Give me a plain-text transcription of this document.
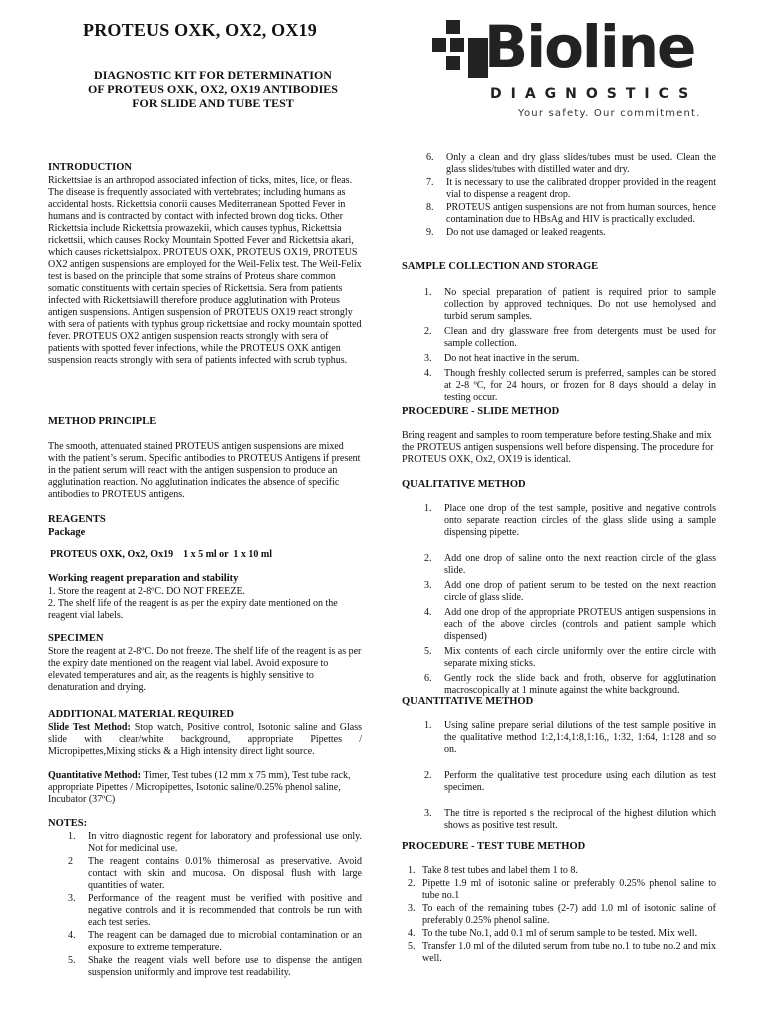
PROTEUS OXK, OX2, OX19
DIAGNOSTIC KIT FOR DETERMINATION
OF PROTEUS OXK, OX2, OX19 ANTIBODIES
FOR SLIDE AND TUBE TEST
Bioline
DIAGNOSTICS
Your safety. Our commitment.
INTRODUCTION

Rickettsiae is an arthropod associated infection of ticks, mites, lice, or fleas. The disease is frequently associated with vertebrates; including humans as accidental hosts. Rickettsia conorii causes Mediterranean Spotted Fever in humans and is contracted by contact with infected brown dog ticks. Other Rickettsia include Rickettsia prowazekii, which causes typhus, Rickettsia rickettsii, which causes Rocky Mountain Spotted Fever and Rickettsia akari, which causes rickettsialpox. PROTEUS OXK, PROTEUS OX19, PROTEUS OX2 antigen suspensions are employed for the Weil-Felix test. The Weil-Felix test is based on the principle that some strains of Proteus share common somatic constituents with certain species of Rickettsia. Sera from patients infected with Rickettsiawill therefore produce agglutination with Proteus antigen suspensions. Antigen suspension of PROTEUS OX19 react strongly with sera of patients with typhus group rickettsiae and rocky mountain spotted fever. PROTEUS OX2 antigen suspension reacts strongly with sera of patients with spotted fever infections, while the PROTEUS OXK antigen suspension reacts strongly with sera of patients infected with scrub typhus.

METHOD PRINCIPLE

The smooth, attenuated stained PROTEUS antigen suspensions are mixed with the patient’s serum. Specific antibodies to PROTEUS Antigens if present in the patient serum will react with the antigen suspension to produce an agglutination reaction. No agglutination indicates the absence of specific antibodies to PROTEUS antigens.

REAGENTS
Package
PROTEUS OXK, Ox2, Ox19    1 x 5 ml or  1 x 10 ml
Working reagent preparation and stability

1. Store the reagent at 2-8ºC. DO NOT FREEZE.

2. The shelf life of the reagent is as per the expiry date mentioned on the reagent vial labels.

SPECIMEN

Store the reagent at 2-8ºC. Do not freeze. The shelf life of the reagent is as per the expiry date mentioned on the reagent vial label. Avoid exposure to elevated temperatures and air, as the reagents is highly sensitive to denaturation and drying.

ADDITIONAL MATERIAL REQUIRED

Slide Test Method: Stop watch, Positive control, Isotonic saline and Glass slide with clear/white background, appropriate Pipettes / Micropipettes,Mixing sticks & a High intensity direct light source.

Quantitative Method: Timer, Test tubes (12 mm x 75 mm), Test tube rack, appropriate Pipettes / Micropipettes, Isotonic saline/0.25% phenol saline, Incubator (37ºC)

NOTES:
1. In vitro diagnostic regent for laboratory and professional use only. Not for medicinal use.
2 The reagent contains 0.01% thimerosal as preservative. Avoid contact with skin and mucosa. On disposal flush with large quantities of water.
3. Performance of the reagent must be verified with positive and negative controls and it is recommended that controls be run with each test series.
4. The reagent can be damaged due to microbial contamination or an exposure to extreme temperature.
5. Shake the reagent vials well before use to dispense the antigen suspension uniformly and improve test readability.
6. Only a clean and dry glass slides/tubes must be used. Clean the glass slides/tubes with distilled water and dry.
7. It is necessary to use the calibrated dropper provided in the reagent vial to dispense a reagent drop.
8. PROTEUS antigen suspensions are not from human sources, hence contamination due to HBsAg and HIV is practically excluded.
9. Do not use damaged or leaked reagents.
SAMPLE COLLECTION AND STORAGE
1. No special preparation of patient is required prior to sample collection by approved techniques. Do not use hemolysed and turbid serum samples.
2. Clean and dry glassware free from detergents must be used for sample collection.
3. Do not heat inactive in the serum.
4. Though freshly collected serum is preferred, samples can be stored at 2-8 ºC, for 24 hours, or frozen for 8 days should a delay in testing occur.
PROCEDURE - SLIDE METHOD

Bring reagent and samples to room temperature before testing.Shake and mix the PROTEUS antigen suspensions well before dispensing. The procedure for PROTEUS OXK, Ox2, OX19 is identical.

QUALITATIVE METHOD
1. Place one drop of the test sample, positive and negative controls onto separate reaction circles of the glass slide using a sample dispensing pipette.
2. Add one drop of saline onto the next reaction circle of the glass slide.
3. Add one drop of patient serum to be tested on the next reaction circle of glass slide.
4. Add one drop of the appropriate PROTEUS antigen suspensions in each of the above circles (controls and patient sample which dispensed)
5. Mix contents of each circle uniformly over the entire circle with separate mixing sticks.
6. Gently rock the slide back and froth, observe for agglutination macroscopically at 1 minute against the white background.
QUANTITATIVE METHOD
1. Using saline prepare serial dilutions of the test sample positive in the qualitative method 1:2,1:4,1:8,1:16,, 1:32, 1:64, 1:128 and so on.
2. Perform the qualitative test procedure using each dilution as test specimen.
3. The titre is reported s the reciprocal of the highest dilution which shows as positive test result.
PROCEDURE - TEST TUBE METHOD
1. Take 8 test tubes and label them 1 to 8.
2. Pipette 1.9 ml of isotonic saline or preferably 0.25% phenol saline to tube no.1
3. To each of the remaining tubes (2-7) add 1.0 ml of isotonic saline of preferably 0.25% phenol saline.
4. To the tube No.1, add 0.1 ml of serum sample to be tested. Mix well.
5. Transfer 1.0 ml of the diluted serum from tube no.1 to tube no.2 and mix well.
